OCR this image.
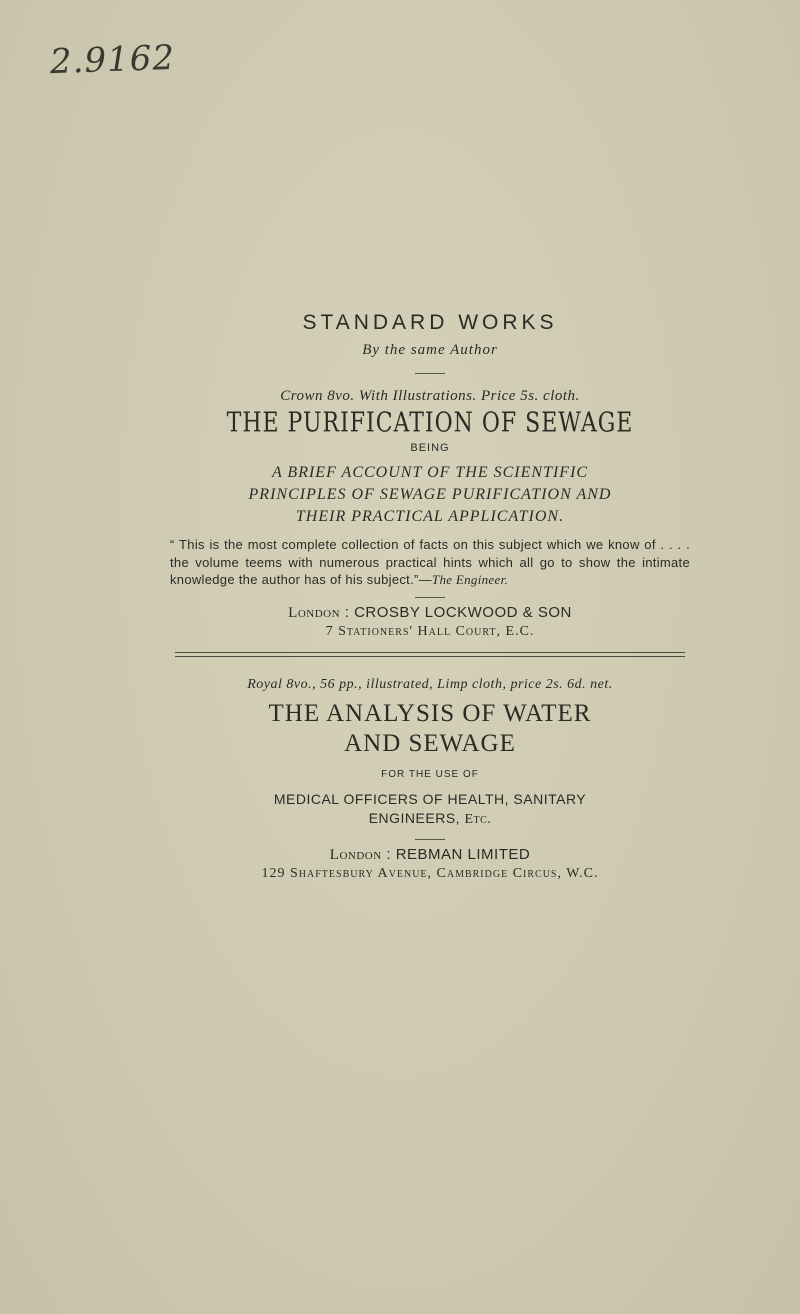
2.9162
STANDARD WORKS
By the same Author
Crown 8vo. With Illustrations. Price 5s. cloth.
THE PURIFICATION OF SEWAGE
BEING
A BRIEF ACCOUNT OF THE SCIENTIFIC
PRINCIPLES OF SEWAGE PURIFICATION AND
THEIR PRACTICAL APPLICATION.
“ This is the most complete collection of facts on this subject which we know of . . . . the volume teems with numerous practical hints which all go to show the intimate knowledge the author has of his subject.”—The Engineer.
London : CROSBY LOCKWOOD & SON
7 Stationers' Hall Court, E.C.
Royal 8vo., 56 pp., illustrated, Limp cloth, price 2s. 6d. net.
THE ANALYSIS OF WATER
AND SEWAGE
FOR THE USE OF
MEDICAL OFFICERS OF HEALTH, SANITARY
ENGINEERS, Etc.
London : REBMAN LIMITED
129 Shaftesbury Avenue, Cambridge Circus, W.C.
